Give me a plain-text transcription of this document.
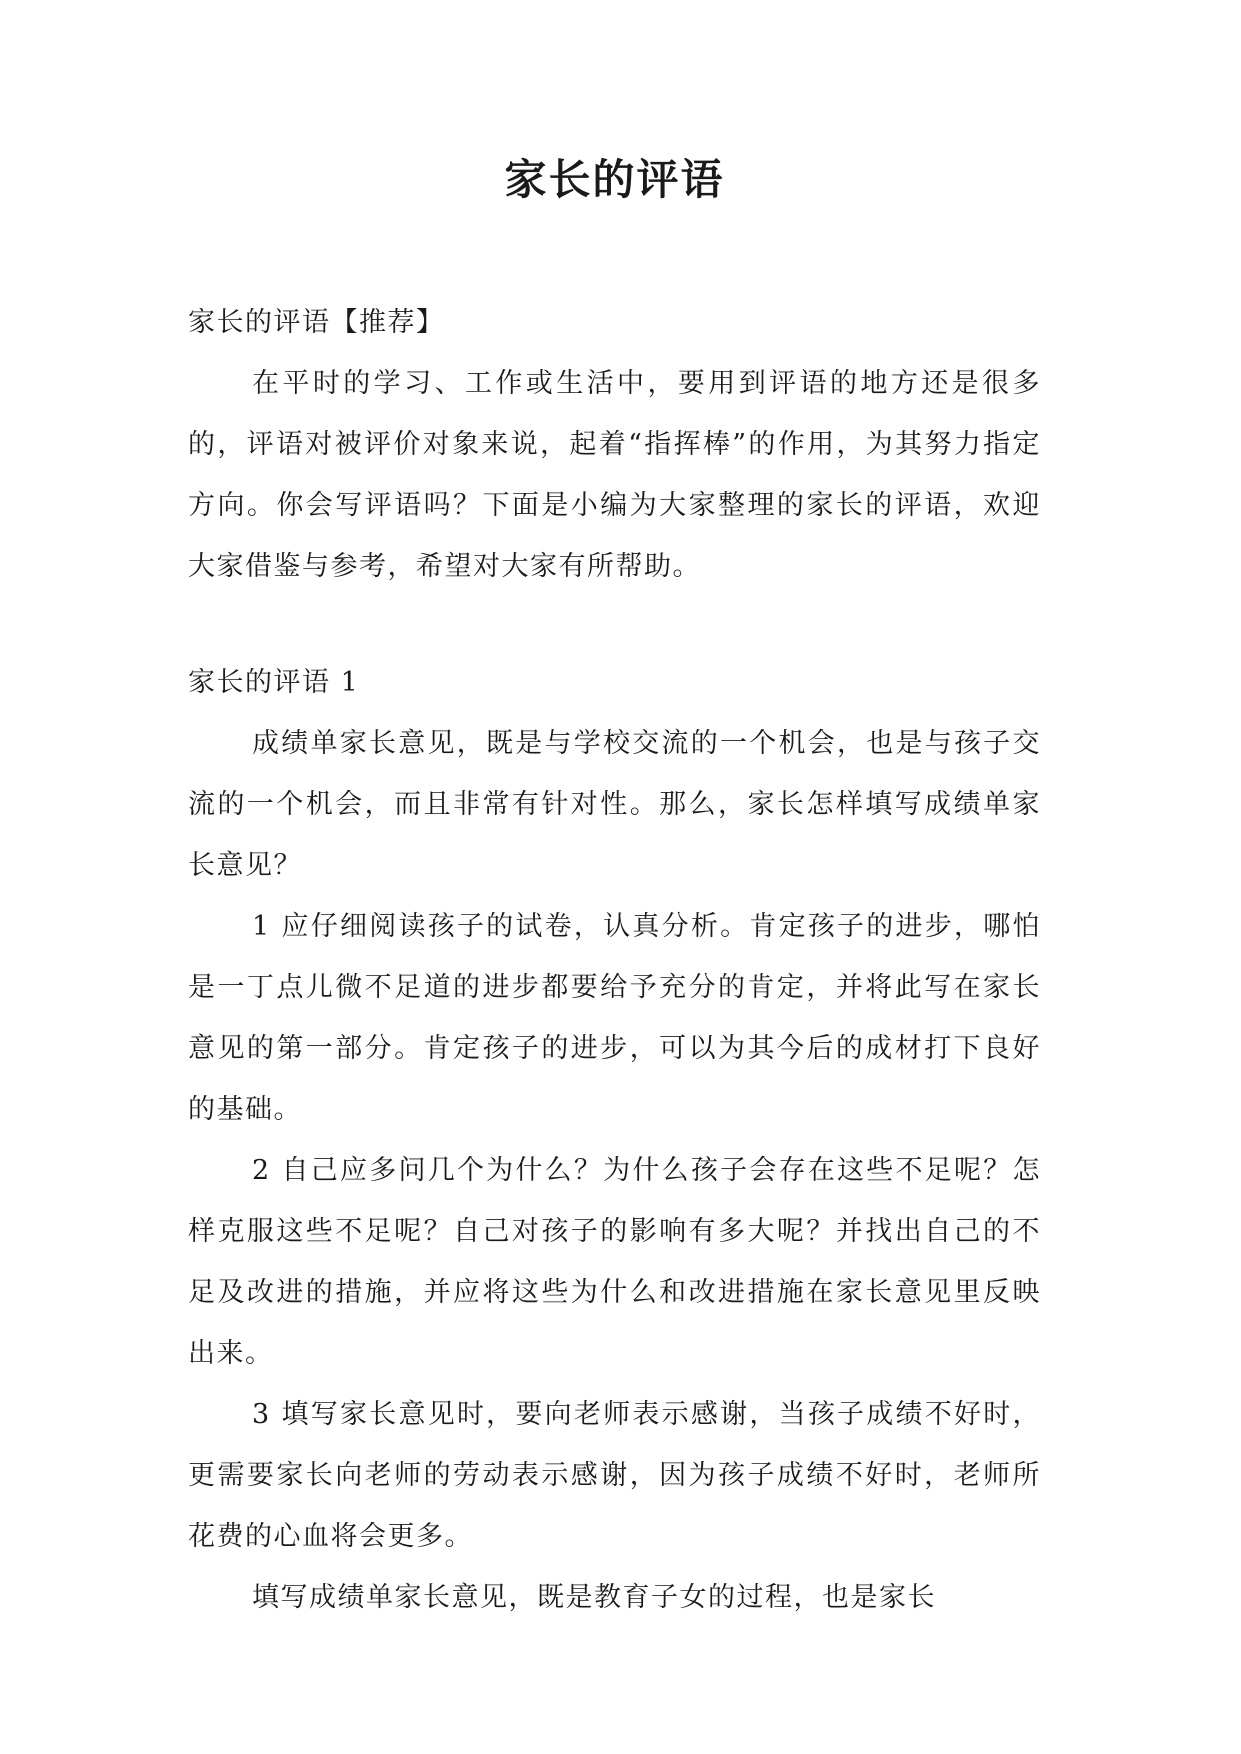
家长的评语

家长的评语【推荐】

在平时的学习、工作或生活中，要用到评语的地方还是很多的，评语对被评价对象来说，起着“指挥棒”的作用，为其努力指定方向。你会写评语吗？下面是小编为大家整理的家长的评语，欢迎大家借鉴与参考，希望对大家有所帮助。

家长的评语 1

成绩单家长意见，既是与学校交流的一个机会，也是与孩子交流的一个机会，而且非常有针对性。那么，家长怎样填写成绩单家长意见？

1 应仔细阅读孩子的试卷，认真分析。肯定孩子的进步，哪怕是一丁点儿微不足道的进步都要给予充分的肯定，并将此写在家长意见的第一部分。肯定孩子的进步，可以为其今后的成材打下良好的基础。

2 自己应多问几个为什么？为什么孩子会存在这些不足呢？怎样克服这些不足呢？自己对孩子的影响有多大呢？并找出自己的不足及改进的措施，并应将这些为什么和改进措施在家长意见里反映出来。

3 填写家长意见时，要向老师表示感谢，当孩子成绩不好时，更需要家长向老师的劳动表示感谢，因为孩子成绩不好时，老师所花费的心血将会更多。

填写成绩单家长意见，既是教育子女的过程，也是家长
